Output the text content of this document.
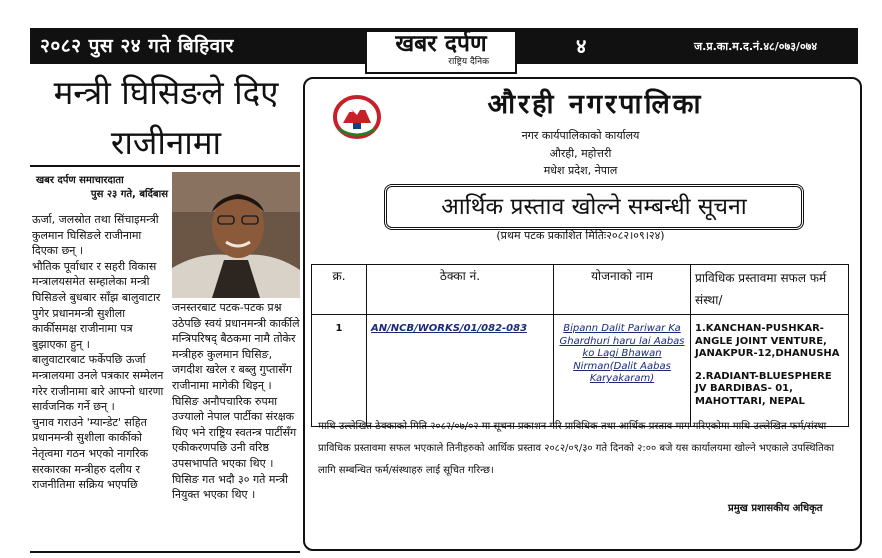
२०८२ पुस २४ गते बिहिवार	खबर दर्पण
राष्ट्रिय दैनिक
४	ज.प्र.का.म.द.नं.४८/०७३/०७४
मन्त्री घिसिङले दिए
राजीनामा
खबर दर्पण समाचारदाता
पुस २३ गते, बर्दिबास

ऊर्जा, जलस्रोत तथा सिंचाइमन्त्री कुलमान घिसिङले राजीनामा दिएका छन् ।

भौतिक पूर्वाधार र सहरी विकास मन्त्रालयसमेत सम्हालेका मन्त्री घिसिङले बुधबार साँझ बालुवाटार पुगेर प्रधानमन्त्री सुशीला कार्कीसमक्ष राजीनामा पत्र बुझाएका हुन् ।

बालुवाटारबाट फर्केपछि ऊर्जा मन्त्रालयमा उनले पत्रकार सम्मेलन गरेर राजीनामा बारे आफ्नो धारणा सार्वजनिक गर्ने छन् ।

चुनाव गराउने 'म्यान्डेट' सहित प्रधानमन्त्री सुशीला कार्कीको नेतृत्वमा गठन भएको नागरिक सरकारका मन्त्रीहरु दलीय र राजनीतिमा सक्रिय भएपछि

जनस्तरबाट पटक-पटक प्रश्न उठेपछि स्वयं प्रधानमन्त्री कार्कीले मन्त्रिपरिषद् बैठकमा नामै तोकेर मन्त्रीहरु कुलमान घिसिङ, जगदीश खरेल र बब्लु गुप्तासँग राजीनामा मागेकी थिइन् ।

घिसिङ अनौपचारिक रुपमा उज्यालो नेपाल पार्टीका संरक्षक थिए भने राष्ट्रिय स्वतन्त्र पार्टीसँग एकीकरणपछि उनी वरिष्ठ उपसभापति भएका थिए ।

घिसिङ गत भदौ ३० गते मन्त्री नियुक्त भएका थिए ।

औरही नगरपालिका
नगर कार्यपालिकाको कार्यालय
औरही, महोत्तरी
मधेश प्रदेश, नेपाल
आर्थिक प्रस्ताव खोल्ने सम्बन्धी सूचना
(प्रथम पटक प्रकाशित मितिः२०८२।०९।२४)
क्र.	ठेक्का नं.	योजनाको नाम	प्राविधिक प्रस्तावमा सफल फर्म संस्था/
1	AN/NCB/WORKS/01/082-083	Bipann Dalit Pariwar Ka Ghardhuri haru lai Aabas ko Lagi Bhawan Nirman(Dalit Aabas Karyakaram)	1.KANCHAN-PUSHKAR-ANGLE JOINT VENTURE, JANAKPUR-12,DHANUSHA

2.RADIANT-BLUESPHERE JV BARDIBAS- 01, MAHOTTARI, NEPAL

माथि उल्लेखित ठेक्काको मिति २०८२/०७/०२ मा सूचना प्रकाशन गरि प्राविधिक तथा आर्थिक प्रस्ताव माग गरिएकोमा माथि उल्लेखित फर्म/संस्था प्राविधिक प्रस्तावमा सफल भएकाले तिनीहरुको आर्थिक प्रस्ताव २०८२/०९/३० गते दिनको २:०० बजे यस कार्यालयमा खोल्ने भएकाले उपस्थितिका लागि सम्बन्धित फर्म/संस्थाहरु लाई सूचित गरिन्छ।
प्रमुख प्रशासकीय अधिकृत
